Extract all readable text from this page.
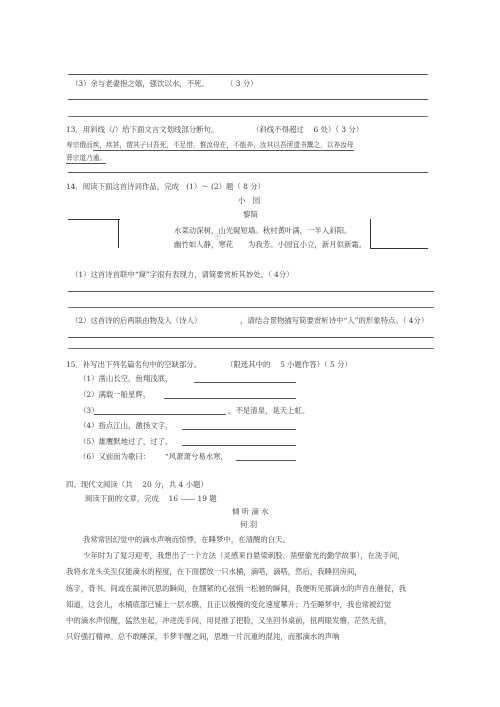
（3）余与老妻抱之嬉，强饮以水，不死。 （ 3 分）
13．用斜线（/）给下面文言文划线部分断句。	（斜线不得超过　 6 处）（ 3 分）
寿宗俄而疾，疾甚，谓其子曰吾死，不足惜，惟汝母在，不能养，汝其以吾所遗书鬻之，以养汝母
葬宗道乃逾。
14．阅读下面这首诗词作品，完成　(1）〜 (2）题（ 8 分）
小　园
黎简
水菜动深树，山光窥短墙。秋村黄叶满，一半入斜阳。
㊉
幽竹如人静，寒花　　为我芳。小园宜小立，新月似新霜。
（1）这首诗首联中“窥”字很有表现力，请简要赏析其妙处。（ 4分）
（2）这首诗的后两联由物及人（诗人）	，请结合景物描写简要赏析诗中“人”的形象特点。（ 4分）
15．补写出下列名篇名句中的空缺部分。	（限选其中的　 5 小题作答）（ 5 分）
（1）凿山长空，鱼翔浅底，
（2）满载一船星辉，
（3）	，不是清泉，是天上虹。
（4）指点江山，激扬文字，
（5）雄鹰默地过了，过了，
（6）又前而为歌曰： “风萧萧兮易水寒，
四、现代文阅读（共　 20 分，共 4 小题）
阅读下面的文章，完成　 16 —— 19 题
倾 听 滴 水
何 羽
我常常因幻觉中的滴水声响而惊悸，在睡梦中，在清醒的白天。
少年时为了复习迎考，我想出了一个方法（灵感来自悬梁刺股、凿壁偷光的勤学故事），在洗手间，
我将水龙头关至仅能滴水的程度，在下面摆放一只水桶，滴嗒，滴嗒，然后，我睡回房间，
练字，背书。间或在凝神沉思的瞬间，在绷紧的心弦悄一松驰的瞬间，我便听见那滴水的声音在催促，我
知道，这会儿，水桶底部已铺上一层水膜，且正以极慢的变化速度攀升；乃至睡梦中，我也常被幻觉
中的滴水声惊醒，猛然坐起，冲进洗手间，用昆推了把脸，又坐回书桌前，扭两眼发懵，茫然无措，
只好强打精神。总不敢睡深，半梦半醒之间，思维一片沉重的混沌，而那滴水的声响
